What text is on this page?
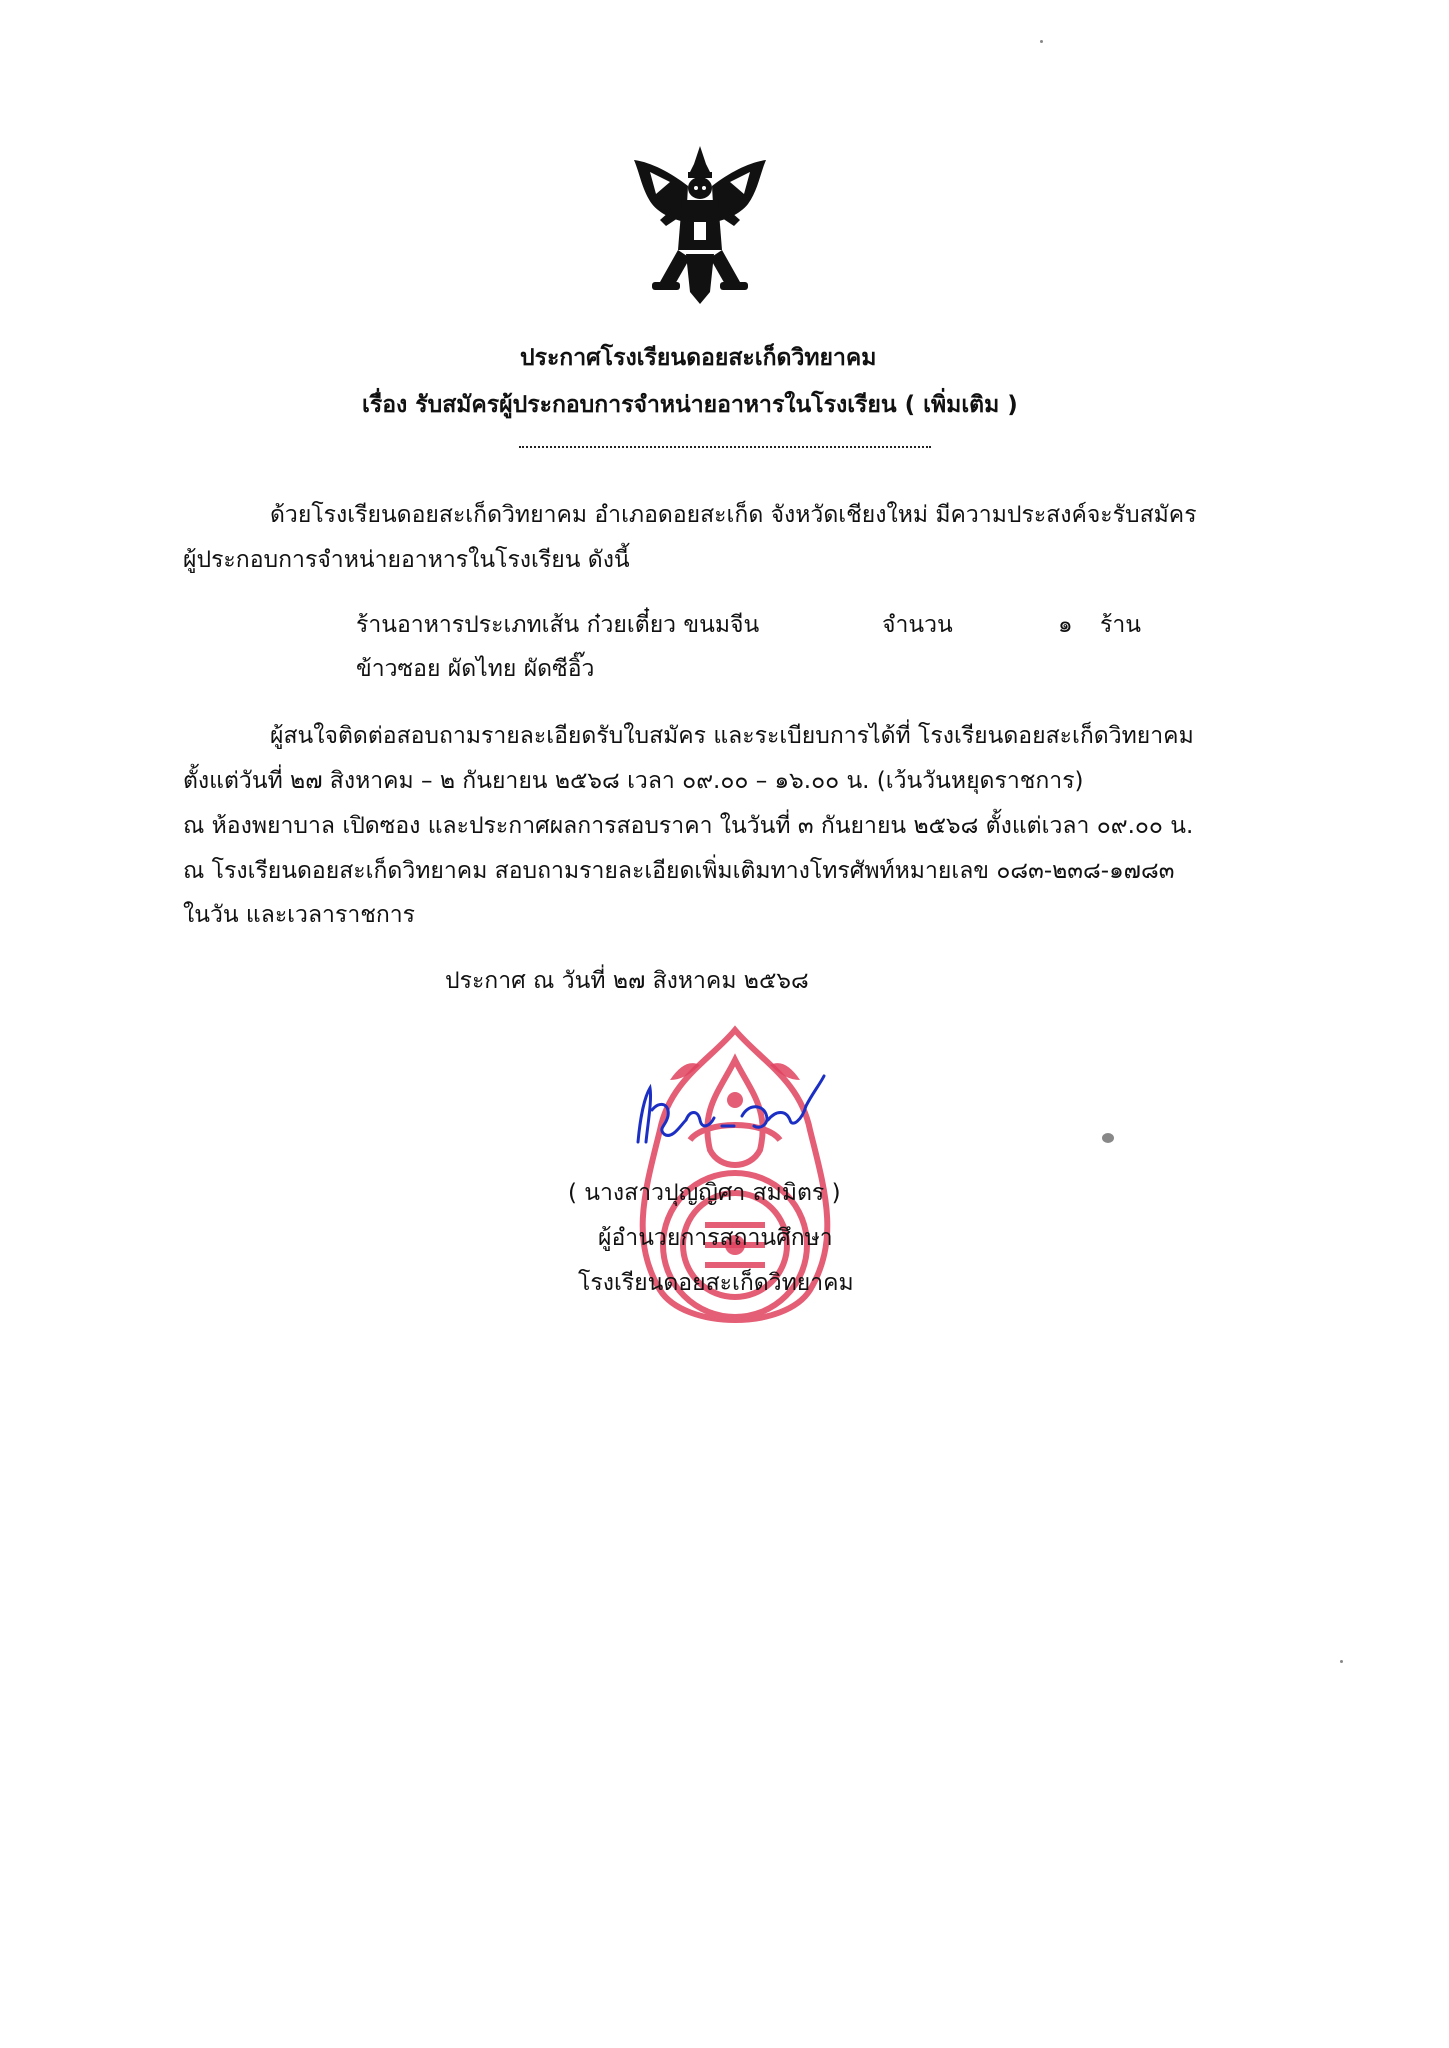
ประกาศโรงเรียนดอยสะเก็ดวิทยาคม
เรื่อง รับสมัครผู้ประกอบการจำหน่ายอาหารในโรงเรียน ( เพิ่มเติม )
ด้วยโรงเรียนดอยสะเก็ดวิทยาคม อำเภอดอยสะเก็ด จังหวัดเชียงใหม่ มีความประสงค์จะรับสมัคร
ผู้ประกอบการจำหน่ายอาหารในโรงเรียน ดังนี้
ร้านอาหารประเภทเส้น ก๋วยเตี๋ยว ขนมจีน	จำนวน	๑ ร้าน
ข้าวซอย ผัดไทย ผัดซีอิ๊ว
ผู้สนใจติดต่อสอบถามรายละเอียดรับใบสมัคร และระเบียบการได้ที่ โรงเรียนดอยสะเก็ดวิทยาคม
ตั้งแต่วันที่ ๒๗ สิงหาคม – ๒ กันยายน ๒๕๖๘ เวลา ๐๙.๐๐ – ๑๖.๐๐ น. (เว้นวันหยุดราชการ)
ณ ห้องพยาบาล เปิดซอง และประกาศผลการสอบราคา ในวันที่ ๓ กันยายน ๒๕๖๘ ตั้งแต่เวลา ๐๙.๐๐ น.
ณ โรงเรียนดอยสะเก็ดวิทยาคม สอบถามรายละเอียดเพิ่มเติมทางโทรศัพท์หมายเลข ๐๘๓-๒๓๘-๑๗๘๓
ในวัน และเวลาราชการ
ประกาศ ณ วันที่ ๒๗ สิงหาคม ๒๕๖๘
( นางสาวปุญญิศา สมมิตร )
ผู้อำนวยการสถานศึกษา
โรงเรียนดอยสะเก็ดวิทยาคม
